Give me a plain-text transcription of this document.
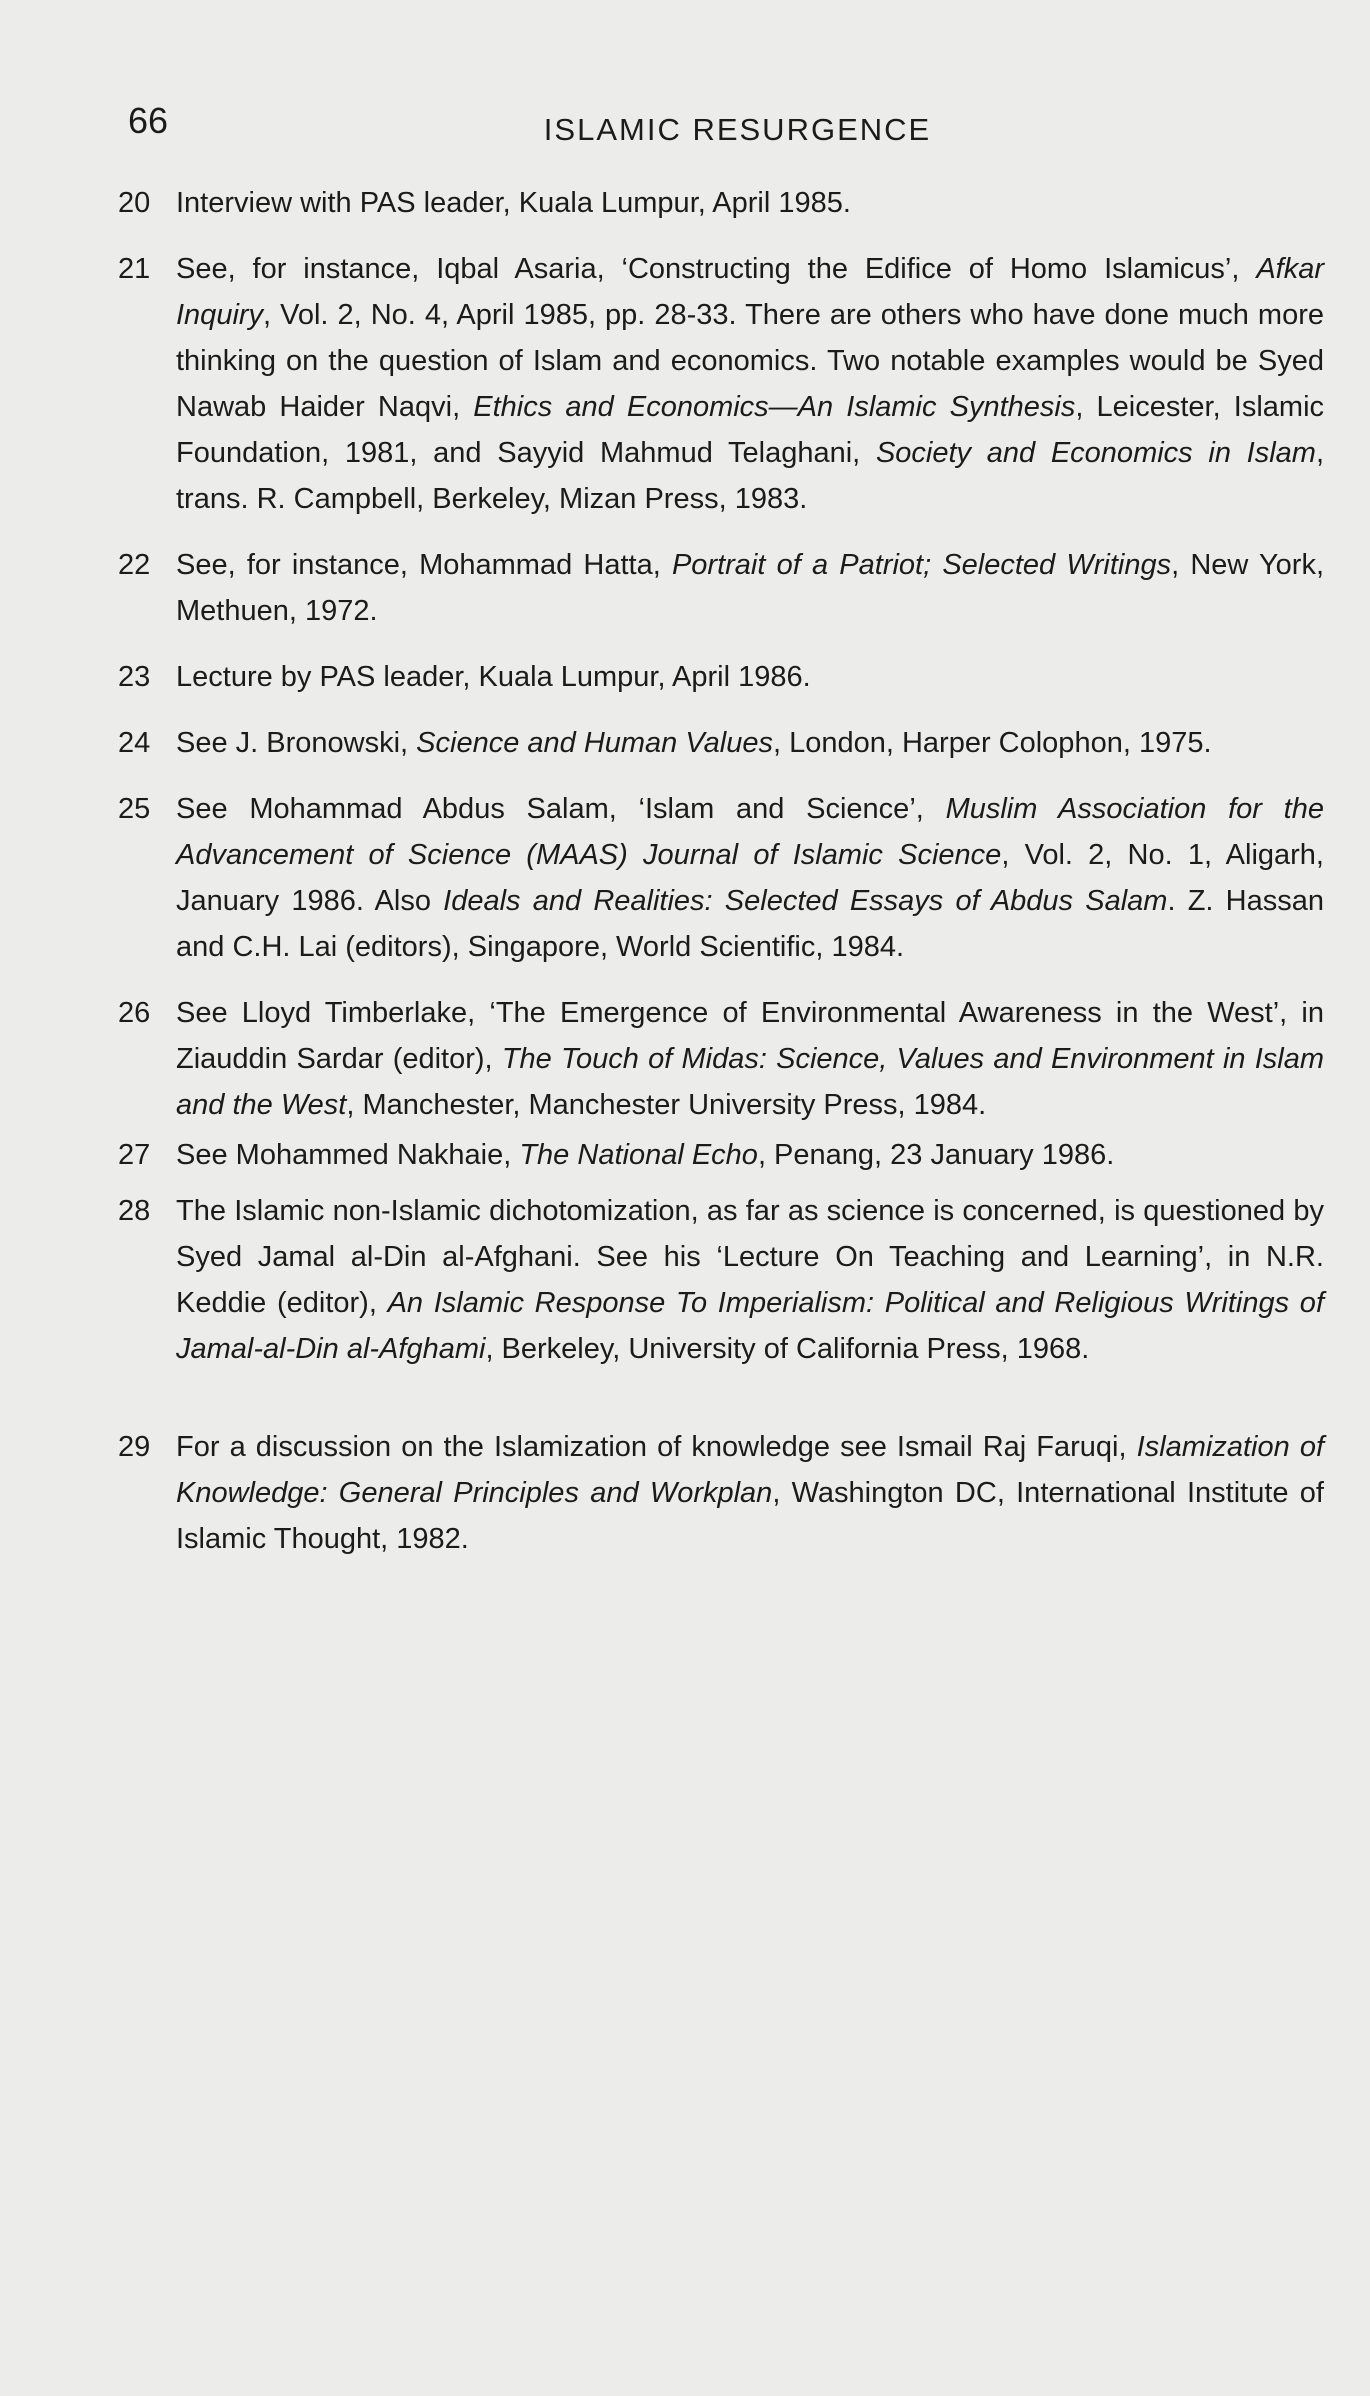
66	ISLAMIC RESURGENCE
20 Interview with PAS leader, Kuala Lumpur, April 1985.
21 See, for instance, Iqbal Asaria, ‘Constructing the Edifice of Homo Islamicus’, Afkar Inquiry, Vol. 2, No. 4, April 1985, pp. 28-33. There are others who have done much more thinking on the question of Islam and economics. Two notable examples would be Syed Nawab Haider Naqvi, Ethics and Economics—An Islamic Synthesis, Leicester, Islamic Foundation, 1981, and Sayyid Mahmud Telaghani, Society and Economics in Islam, trans. R. Campbell, Berkeley, Mizan Press, 1983.
22 See, for instance, Mohammad Hatta, Portrait of a Patriot; Selected Writings, New York, Methuen, 1972.
23 Lecture by PAS leader, Kuala Lumpur, April 1986.
24 See J. Bronowski, Science and Human Values, London, Harper Colophon, 1975.
25 See Mohammad Abdus Salam, ‘Islam and Science’, Muslim Association for the Advancement of Science (MAAS) Journal of Islamic Science, Vol. 2, No. 1, Aligarh, January 1986. Also Ideals and Realities: Selected Essays of Abdus Salam. Z. Hassan and C.H. Lai (editors), Singapore, World Scientific, 1984.
26 See Lloyd Timberlake, ‘The Emergence of Environmental Awareness in the West’, in Ziauddin Sardar (editor), The Touch of Midas: Science, Values and Environment in Islam and the West, Manchester, Manchester University Press, 1984.
27 See Mohammed Nakhaie, The National Echo, Penang, 23 January 1986.
28 The Islamic non-Islamic dichotomization, as far as science is concerned, is questioned by Syed Jamal al-Din al-Afghani. See his ‘Lecture On Teaching and Learning’, in N.R. Keddie (editor), An Islamic Response To Imperialism: Political and Religious Writings of Jamal-al-Din al-Afghami, Berkeley, University of California Press, 1968.
29 For a discussion on the Islamization of knowledge see Ismail Raj Faruqi, Islamization of Knowledge: General Principles and Workplan, Washington DC, International Institute of Islamic Thought, 1982.
